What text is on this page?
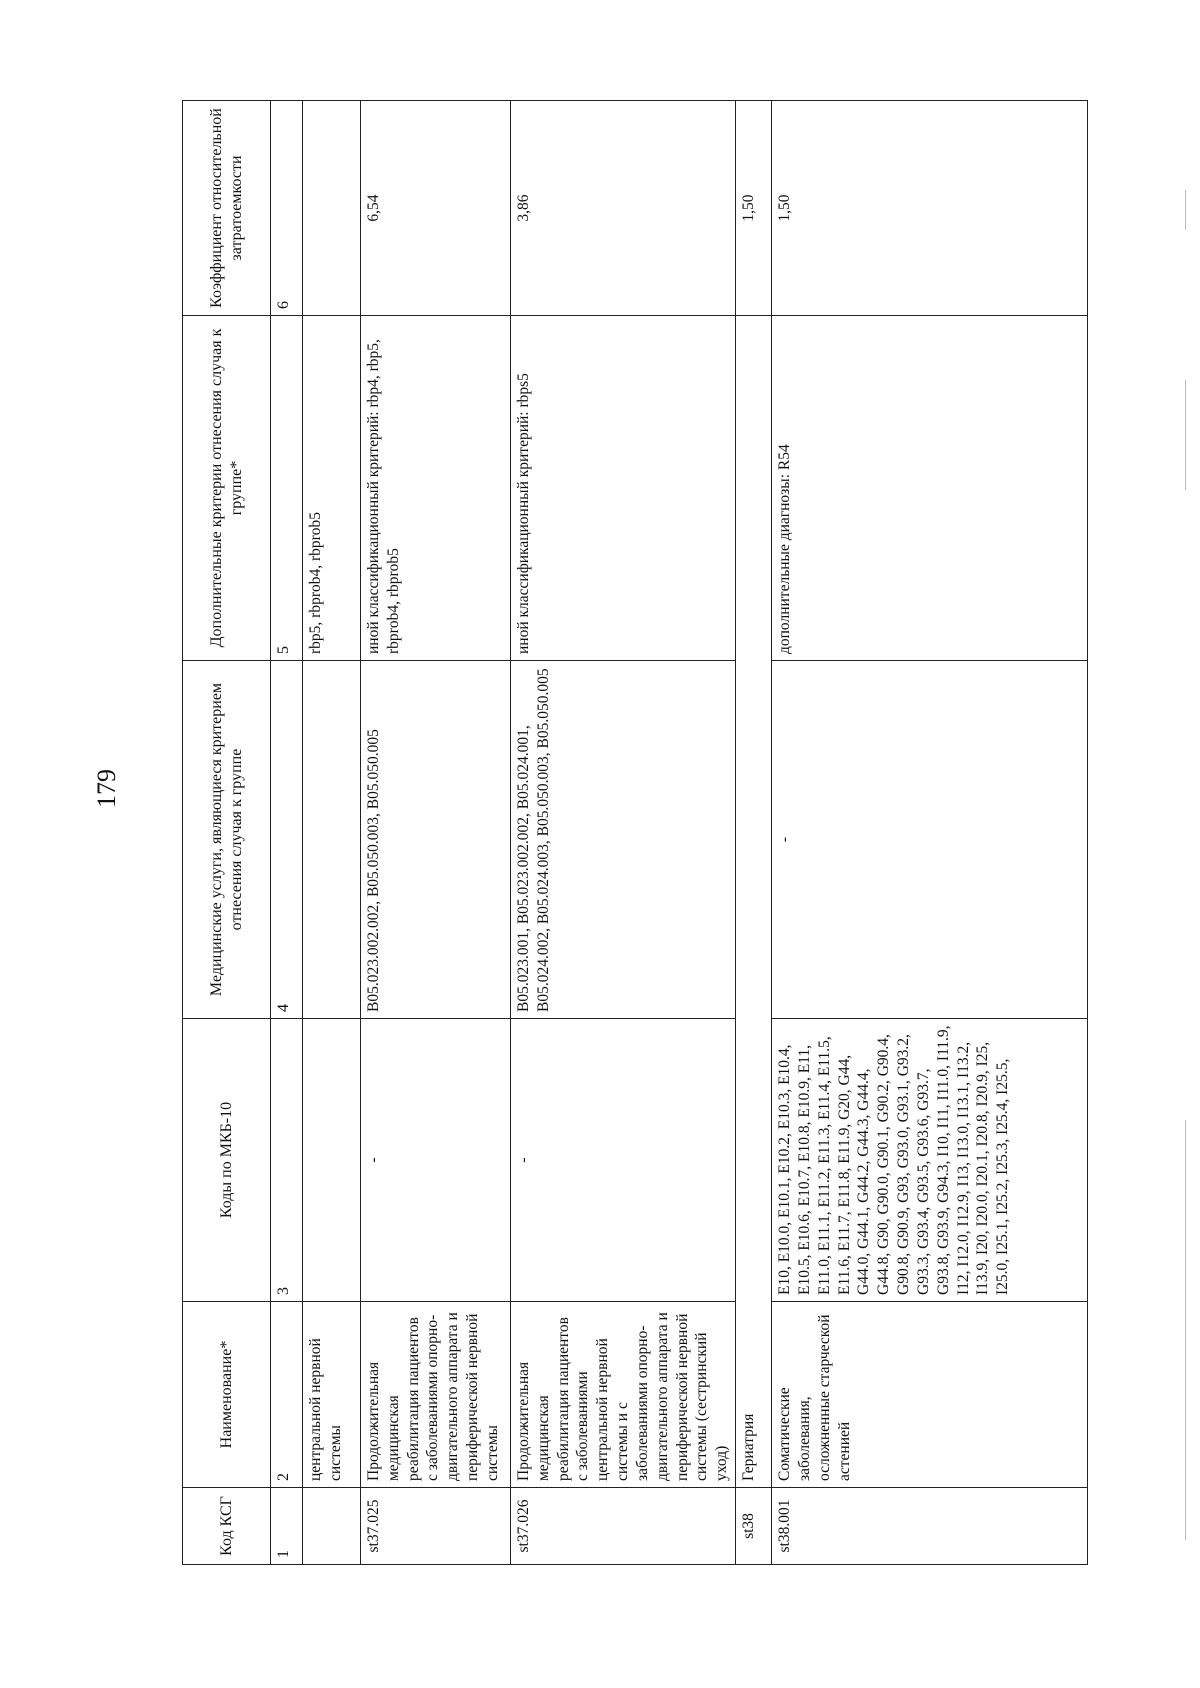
179
Код КСГ	Наименование*	Коды по МКБ-10	Медицинские услуги, являющиеся критерием отнесения случая к группе	Дополнительные критерии отнесения случая к группе*	Коэффициент относительной затратоемкости
1	2	3	4	5	6
	центральной нервной системы			rbp5, rbprob4, rbprob5	
st37.025	Продолжительная медицинская реабилитация пациентов с заболеваниями опорно-двигательного аппарата и периферической нервной системы	-	B05.023.002.002, B05.050.003, B05.050.005	иной классификационный критерий: rbp4, rbp5, rbprob4, rbprob5	6,54
st37.026	Продолжительная медицинская реабилитация пациентов с заболеваниями центральной нервной системы и с заболеваниями опорно-двигательного аппарата и периферической нервной системы (сестринский уход)	-	B05.023.001, B05.023.002.002, B05.024.001, B05.024.002, B05.024.003, B05.050.003, B05.050.005	иной классификационный критерий: rbps5	3,86
st38	Гериатрия				1,50
st38.001	Соматические заболевания, осложненные старческой астенией	E10, E10.0, E10.1, E10.2, E10.3, E10.4, E10.5, E10.6, E10.7, E10.8, E10.9, E11, E11.0, E11.1, E11.2, E11.3, E11.4, E11.5, E11.6, E11.7, E11.8, E11.9, G20, G44, G44.0, G44.1, G44.2, G44.3, G44.4, G44.8, G90, G90.0, G90.1, G90.2, G90.4, G90.8, G90.9, G93, G93.0, G93.1, G93.2, G93.3, G93.4, G93.5, G93.6, G93.7, G93.8, G93.9, G94.3, I10, I11, I11.0, I11.9, I12, I12.0, I12.9, I13, I13.0, I13.1, I13.2, I13.9, I20, I20.0, I20.1, I20.8, I20.9, I25, I25.0, I25.1, I25.2, I25.3, I25.4, I25.5,	-	дополнительные диагнозы: R54	1,50
